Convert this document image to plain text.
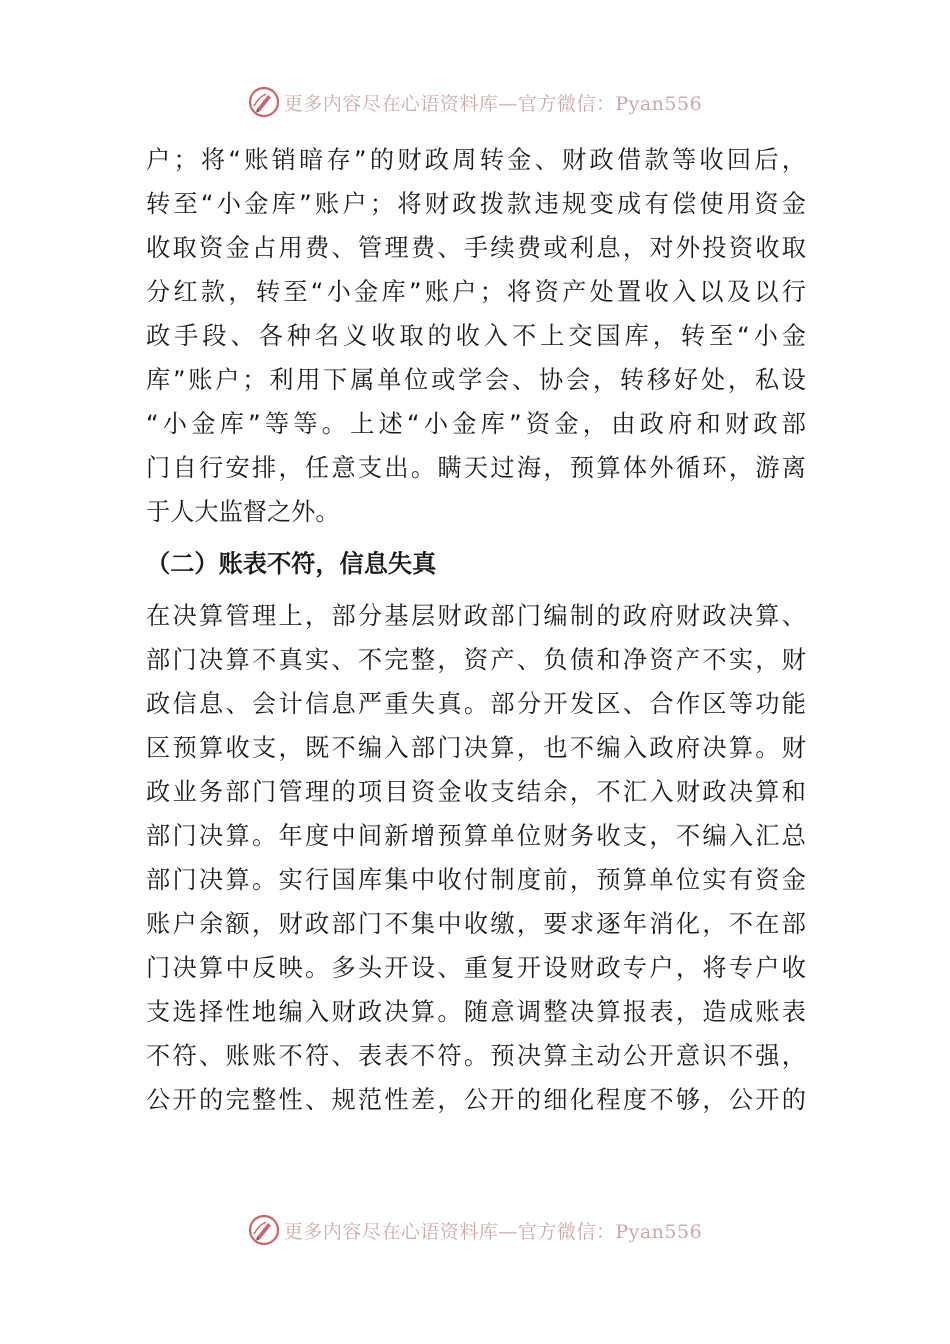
更多内容尽在心语资料库—官方微信：Pyan556
户；将“账销暗存”的财政周转金、财政借款等收回后，
转至“小金库”账户；将财政拨款违规变成有偿使用资金
收取资金占用费、管理费、手续费或利息，对外投资收取
分红款，转至“小金库”账户；将资产处置收入以及以行
政手段、各种名义收取的收入不上交国库，转至“小金
库”账户；利用下属单位或学会、协会，转移好处，私设
“小金库”等等。上述“小金库”资金，由政府和财政部
门自行安排，任意支出。瞒天过海，预算体外循环，游离
于人大监督之外。
（二）账表不符，信息失真
在决算管理上，部分基层财政部门编制的政府财政决算、
部门决算不真实、不完整，资产、负债和净资产不实，财
政信息、会计信息严重失真。部分开发区、合作区等功能
区预算收支，既不编入部门决算，也不编入政府决算。财
政业务部门管理的项目资金收支结余，不汇入财政决算和
部门决算。年度中间新增预算单位财务收支，不编入汇总
部门决算。实行国库集中收付制度前，预算单位实有资金
账户余额，财政部门不集中收缴，要求逐年消化，不在部
门决算中反映。多头开设、重复开设财政专户，将专户收
支选择性地编入财政决算。随意调整决算报表，造成账表
不符、账账不符、表表不符。预决算主动公开意识不强，
公开的完整性、规范性差，公开的细化程度不够，公开的
更多内容尽在心语资料库—官方微信：Pyan556
